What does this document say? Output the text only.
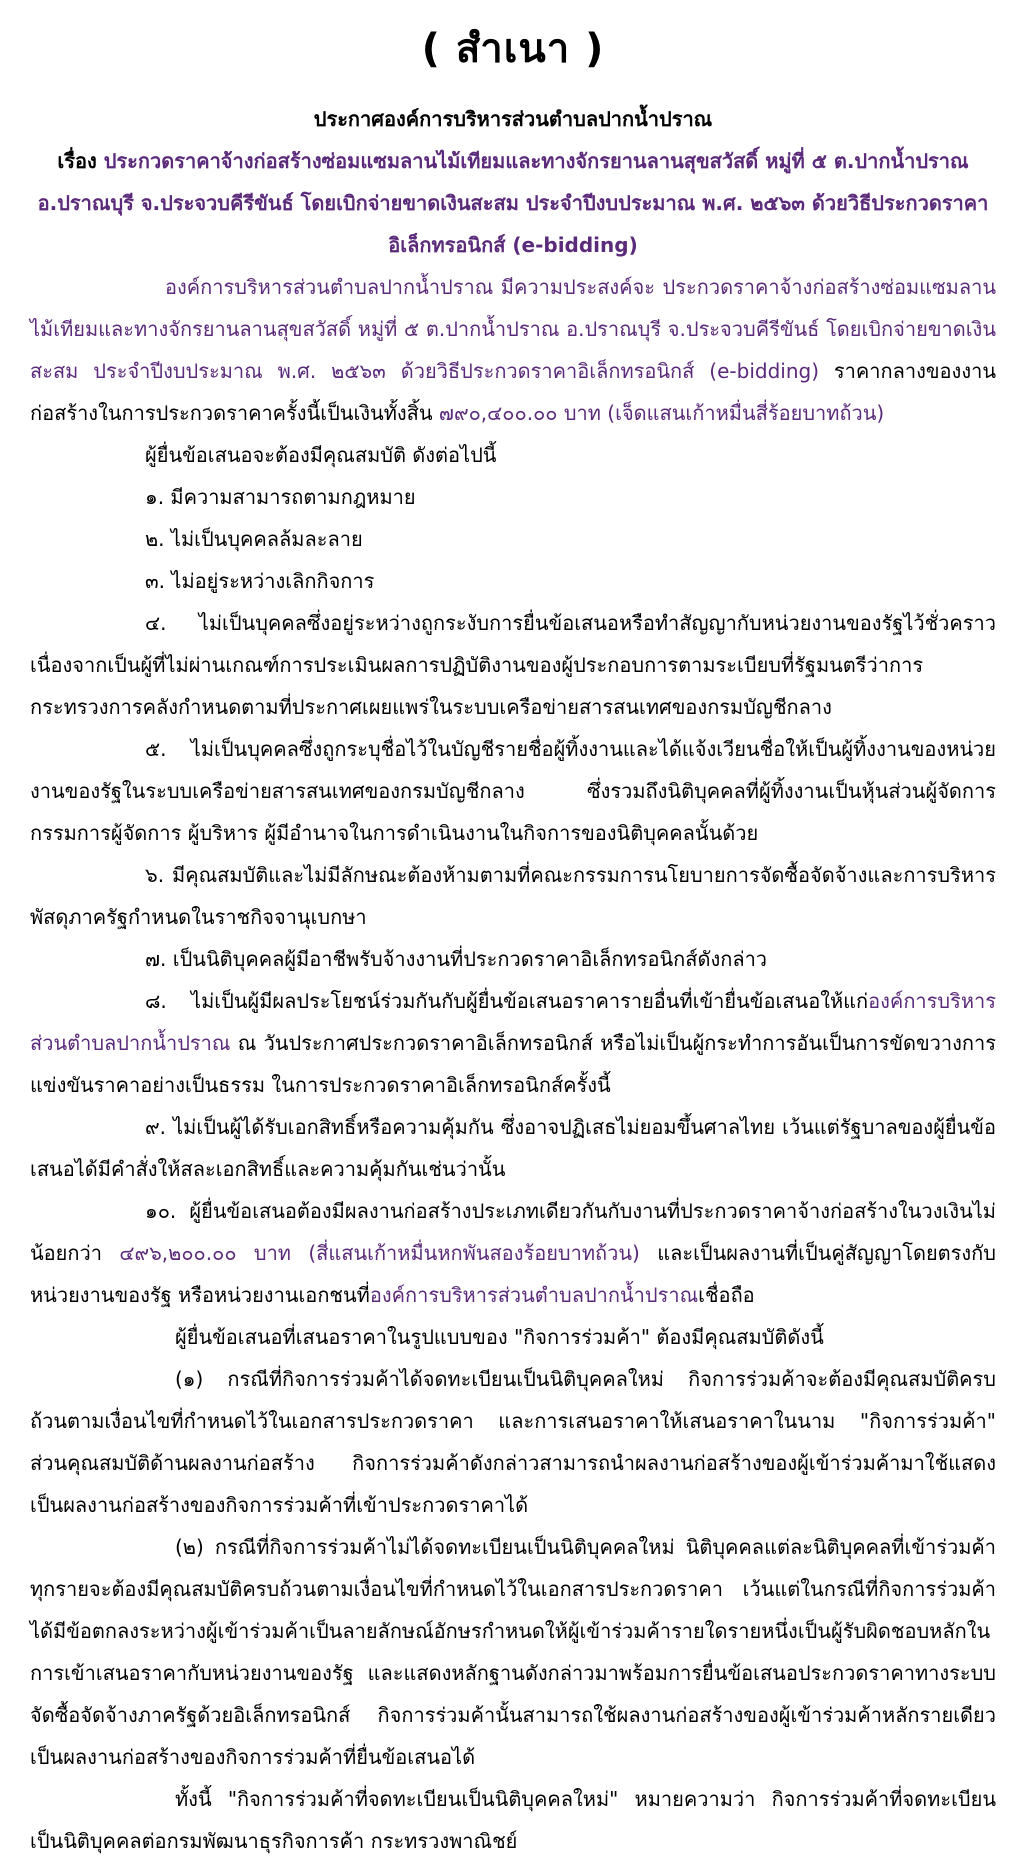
( สำเนา )
ประกาศองค์การบริหารส่วนตำบลปากน้ำปราณ
เรื่อง ประกวดราคาจ้างก่อสร้างซ่อมแซมลานไม้เทียมและทางจักรยานลานสุขสวัสดิ์ หมู่ที่ ๕ ต.ปากน้ำปราณ อ.ปราณบุรี จ.ประจวบคีรีขันธ์ โดยเบิกจ่ายขาดเงินสะสม ประจำปีงบประมาณ พ.ศ. ๒๕๖๓ ด้วยวิธีประกวดราคาอิเล็กทรอนิกส์ (e-bidding)

องค์การบริหารส่วนตำบลปากน้ำปราณ มีความประสงค์จะ ประกวดราคาจ้างก่อสร้างซ่อมแซมลานไม้เทียมและทางจักรยานลานสุขสวัสดิ์ หมู่ที่ ๕ ต.ปากน้ำปราณ อ.ปราณบุรี จ.ประจวบคีรีขันธ์ โดยเบิกจ่ายขาดเงินสะสม ประจำปีงบประมาณ พ.ศ. ๒๕๖๓ ด้วยวิธีประกวดราคาอิเล็กทรอนิกส์ (e-bidding) ราคากลางของงานก่อสร้างในการประกวดราคาครั้งนี้เป็นเงินทั้งสิ้น ๗๙๐,๔๐๐.๐๐ บาท (เจ็ดแสนเก้าหมื่นสี่ร้อยบาทถ้วน)

ผู้ยื่นข้อเสนอจะต้องมีคุณสมบัติ ดังต่อไปนี้

๑. มีความสามารถตามกฎหมาย

๒. ไม่เป็นบุคคลล้มละลาย

๓. ไม่อยู่ระหว่างเลิกกิจการ

๔. ไม่เป็นบุคคลซึ่งอยู่ระหว่างถูกระงับการยื่นข้อเสนอหรือทำสัญญากับหน่วยงานของรัฐไว้ชั่วคราว เนื่องจากเป็นผู้ที่ไม่ผ่านเกณฑ์การประเมินผลการปฏิบัติงานของผู้ประกอบการตามระเบียบที่รัฐมนตรีว่าการกระทรวงการคลังกำหนดตามที่ประกาศเผยแพร่ในระบบเครือข่ายสารสนเทศของกรมบัญชีกลาง

๕. ไม่เป็นบุคคลซึ่งถูกระบุชื่อไว้ในบัญชีรายชื่อผู้ทิ้งงานและได้แจ้งเวียนชื่อให้เป็นผู้ทิ้งงานของหน่วยงานของรัฐในระบบเครือข่ายสารสนเทศของกรมบัญชีกลาง ซึ่งรวมถึงนิติบุคคลที่ผู้ทิ้งงานเป็นหุ้นส่วนผู้จัดการ กรรมการผู้จัดการ ผู้บริหาร ผู้มีอำนาจในการดำเนินงานในกิจการของนิติบุคคลนั้นด้วย

๖. มีคุณสมบัติและไม่มีลักษณะต้องห้ามตามที่คณะกรรมการนโยบายการจัดซื้อจัดจ้างและการบริหารพัสดุภาครัฐกำหนดในราชกิจจานุเบกษา

๗. เป็นนิติบุคคลผู้มีอาชีพรับจ้างงานที่ประกวดราคาอิเล็กทรอนิกส์ดังกล่าว

๘. ไม่เป็นผู้มีผลประโยชน์ร่วมกันกับผู้ยื่นข้อเสนอราคารายอื่นที่เข้ายื่นข้อเสนอให้แก่องค์การบริหารส่วนตำบลปากน้ำปราณ ณ วันประกาศประกวดราคาอิเล็กทรอนิกส์ หรือไม่เป็นผู้กระทำการอันเป็นการขัดขวางการแข่งขันราคาอย่างเป็นธรรม ในการประกวดราคาอิเล็กทรอนิกส์ครั้งนี้

๙. ไม่เป็นผู้ได้รับเอกสิทธิ์หรือความคุ้มกัน ซึ่งอาจปฏิเสธไม่ยอมขึ้นศาลไทย เว้นแต่รัฐบาลของผู้ยื่นข้อเสนอได้มีคำสั่งให้สละเอกสิทธิ์และความคุ้มกันเช่นว่านั้น

๑๐. ผู้ยื่นข้อเสนอต้องมีผลงานก่อสร้างประเภทเดียวกันกับงานที่ประกวดราคาจ้างก่อสร้างในวงเงินไม่น้อยกว่า ๔๙๖,๒๐๐.๐๐ บาท (สี่แสนเก้าหมื่นหกพันสองร้อยบาทถ้วน) และเป็นผลงานที่เป็นคู่สัญญาโดยตรงกับหน่วยงานของรัฐ หรือหน่วยงานเอกชนที่องค์การบริหารส่วนตำบลปากน้ำปราณเชื่อถือ

ผู้ยื่นข้อเสนอที่เสนอราคาในรูปแบบของ "กิจการร่วมค้า" ต้องมีคุณสมบัติดังนี้

(๑) กรณีที่กิจการร่วมค้าได้จดทะเบียนเป็นนิติบุคคลใหม่ กิจการร่วมค้าจะต้องมีคุณสมบัติครบถ้วนตามเงื่อนไขที่กำหนดไว้ในเอกสารประกวดราคา และการเสนอราคาให้เสนอราคาในนาม "กิจการร่วมค้า" ส่วนคุณสมบัติด้านผลงานก่อสร้าง กิจการร่วมค้าดังกล่าวสามารถนำผลงานก่อสร้างของผู้เข้าร่วมค้ามาใช้แสดงเป็นผลงานก่อสร้างของกิจการร่วมค้าที่เข้าประกวดราคาได้

(๒) กรณีที่กิจการร่วมค้าไม่ได้จดทะเบียนเป็นนิติบุคคลใหม่ นิติบุคคลแต่ละนิติบุคคลที่เข้าร่วมค้าทุกรายจะต้องมีคุณสมบัติครบถ้วนตามเงื่อนไขที่กำหนดไว้ในเอกสารประกวดราคา เว้นแต่ในกรณีที่กิจการร่วมค้าได้มีข้อตกลงระหว่างผู้เข้าร่วมค้าเป็นลายลักษณ์อักษรกำหนดให้ผู้เข้าร่วมค้ารายใดรายหนึ่งเป็นผู้รับผิดชอบหลักในการเข้าเสนอราคากับหน่วยงานของรัฐ และแสดงหลักฐานดังกล่าวมาพร้อมการยื่นข้อเสนอประกวดราคาทางระบบจัดซื้อจัดจ้างภาครัฐด้วยอิเล็กทรอนิกส์ กิจการร่วมค้านั้นสามารถใช้ผลงานก่อสร้างของผู้เข้าร่วมค้าหลักรายเดียวเป็นผลงานก่อสร้างของกิจการร่วมค้าที่ยื่นข้อเสนอได้

ทั้งนี้ "กิจการร่วมค้าที่จดทะเบียนเป็นนิติบุคคลใหม่" หมายความว่า กิจการร่วมค้าที่จดทะเบียนเป็นนิติบุคคลต่อกรมพัฒนาธุรกิจการค้า กระทรวงพาณิชย์
